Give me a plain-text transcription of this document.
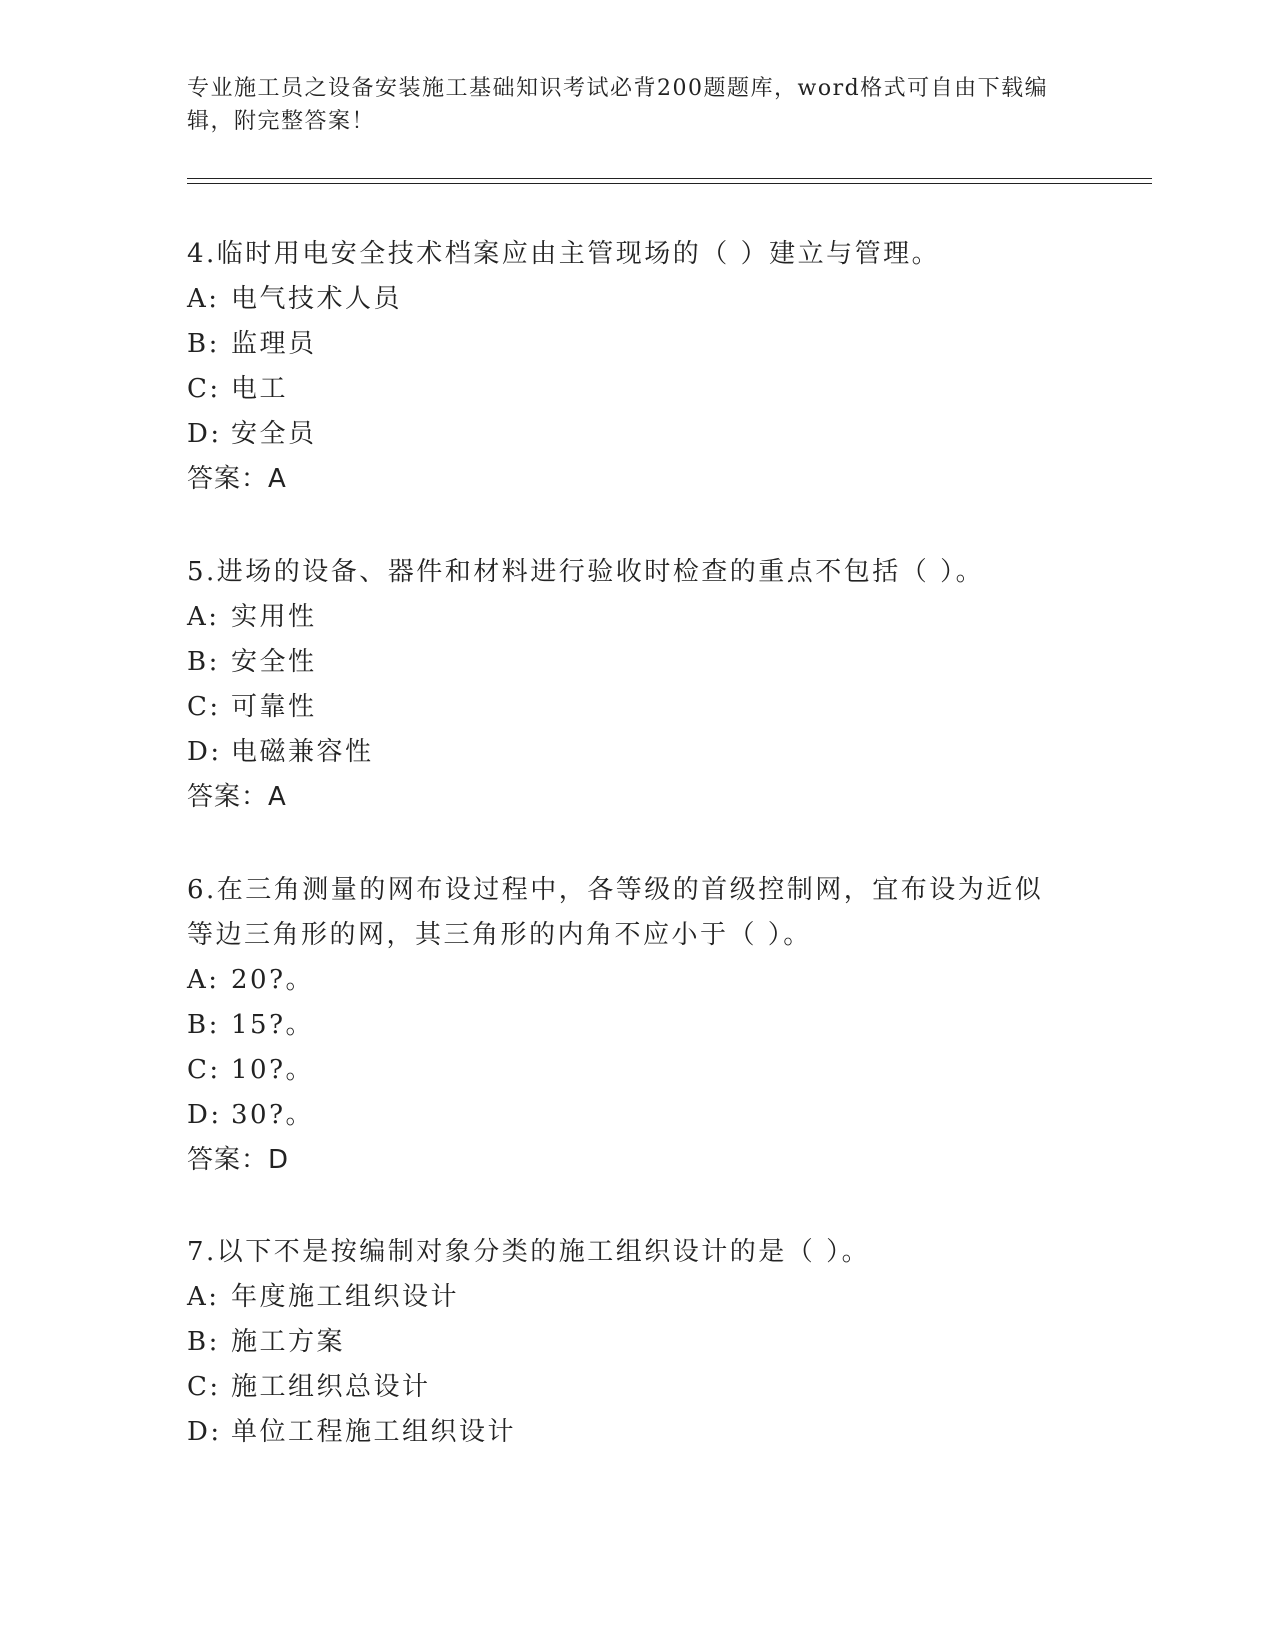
专业施工员之设备安装施工基础知识考试必背200题题库，word格式可自由下载编辑，附完整答案！

4.临时用电安全技术档案应由主管现场的（ ）建立与管理。

A: 电气技术人员

B: 监理员

C: 电工

D: 安全员

答案：A

5.进场的设备、器件和材料进行验收时检查的重点不包括（ ）。

A: 实用性

B: 安全性

C: 可靠性

D: 电磁兼容性

答案：A

6.在三角测量的网布设过程中，各等级的首级控制网，宜布设为近似等边三角形的网，其三角形的内角不应小于（ ）。

A: 20?。

B: 15?。

C: 10?。

D: 30?。

答案：D

7.以下不是按编制对象分类的施工组织设计的是（ ）。

A: 年度施工组织设计

B: 施工方案

C: 施工组织总设计

D: 单位工程施工组织设计
